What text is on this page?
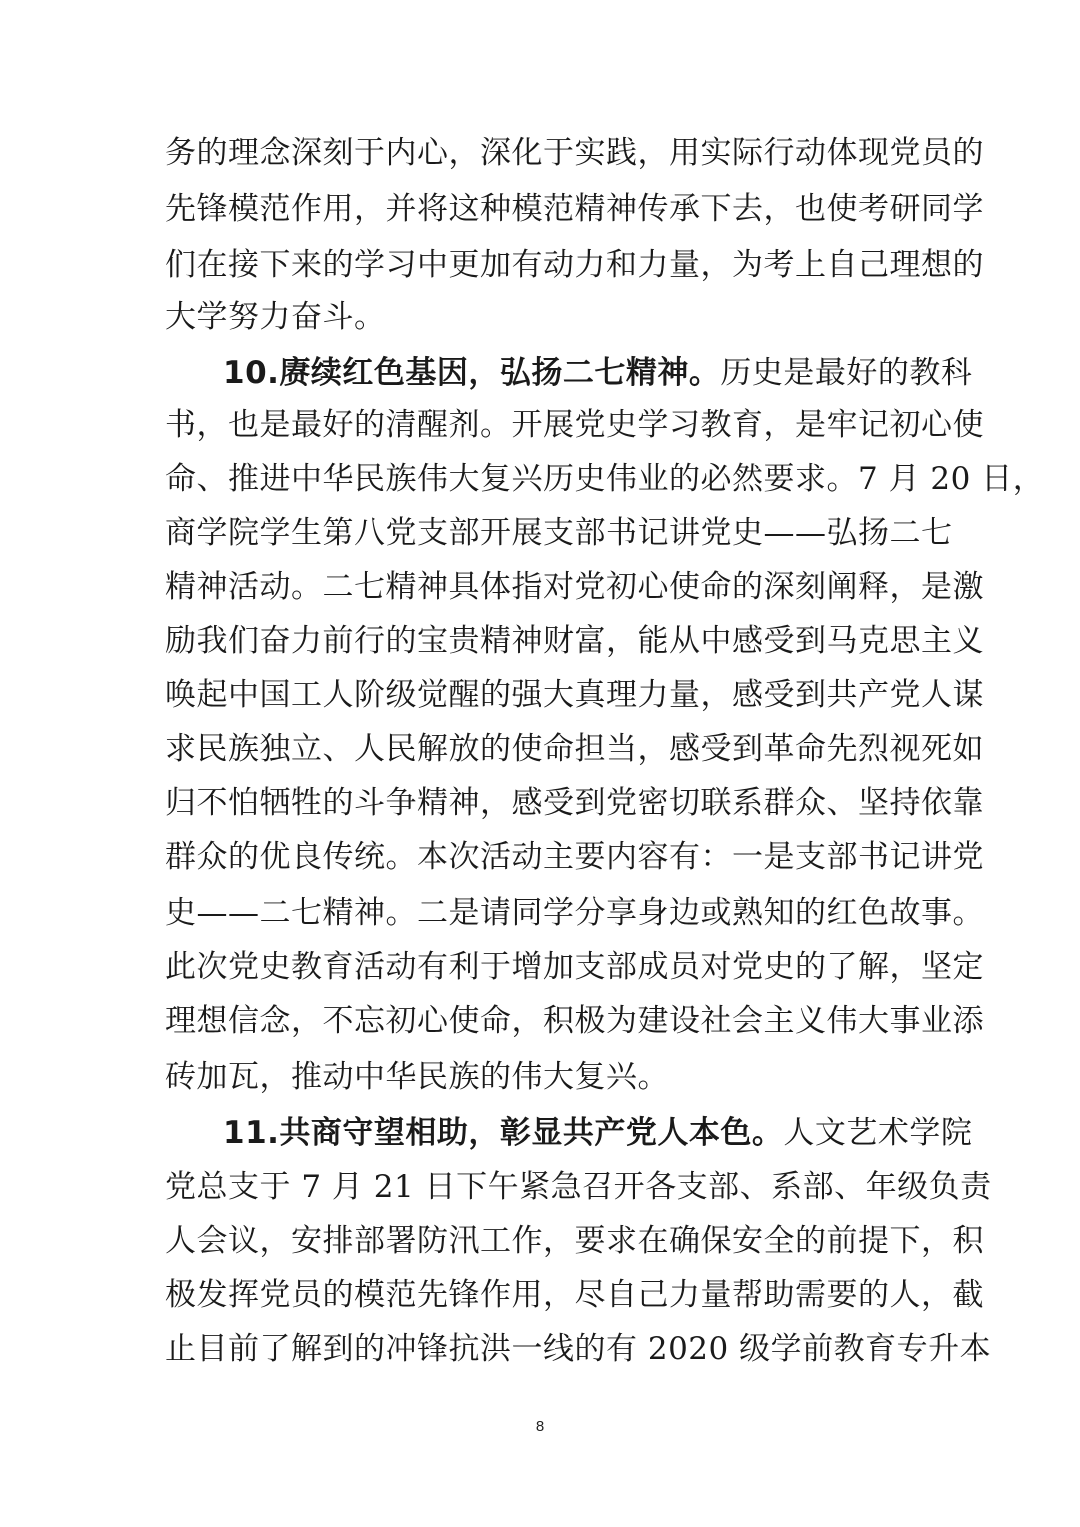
务的理念深刻于内心，深化于实践，用实际行动体现党员的
先锋模范作用，并将这种模范精神传承下去，也使考研同学
们在接下来的学习中更加有动力和力量，为考上自己理想的
大学努力奋斗。
10.赓续红色基因，弘扬二七精神。历史是最好的教科
书，也是最好的清醒剂。开展党史学习教育，是牢记初心使
命、推进中华民族伟大复兴历史伟业的必然要求。7 月 20 日，
商学院学生第八党支部开展支部书记讲党史——弘扬二七
精神活动。二七精神具体指对党初心使命的深刻阐释，是激
励我们奋力前行的宝贵精神财富，能从中感受到马克思主义
唤起中国工人阶级觉醒的强大真理力量，感受到共产党人谋
求民族独立、人民解放的使命担当，感受到革命先烈视死如
归不怕牺牲的斗争精神，感受到党密切联系群众、坚持依靠
群众的优良传统。本次活动主要内容有：一是支部书记讲党
史——二七精神。二是请同学分享身边或熟知的红色故事。
此次党史教育活动有利于增加支部成员对党史的了解，坚定
理想信念，不忘初心使命，积极为建设社会主义伟大事业添
砖加瓦，推动中华民族的伟大复兴。
11.共商守望相助，彰显共产党人本色。人文艺术学院
党总支于 7 月 21 日下午紧急召开各支部、系部、年级负责
人会议，安排部署防汛工作，要求在确保安全的前提下，积
极发挥党员的模范先锋作用，尽自己力量帮助需要的人，截
止目前了解到的冲锋抗洪一线的有 2020 级学前教育专升本
8
